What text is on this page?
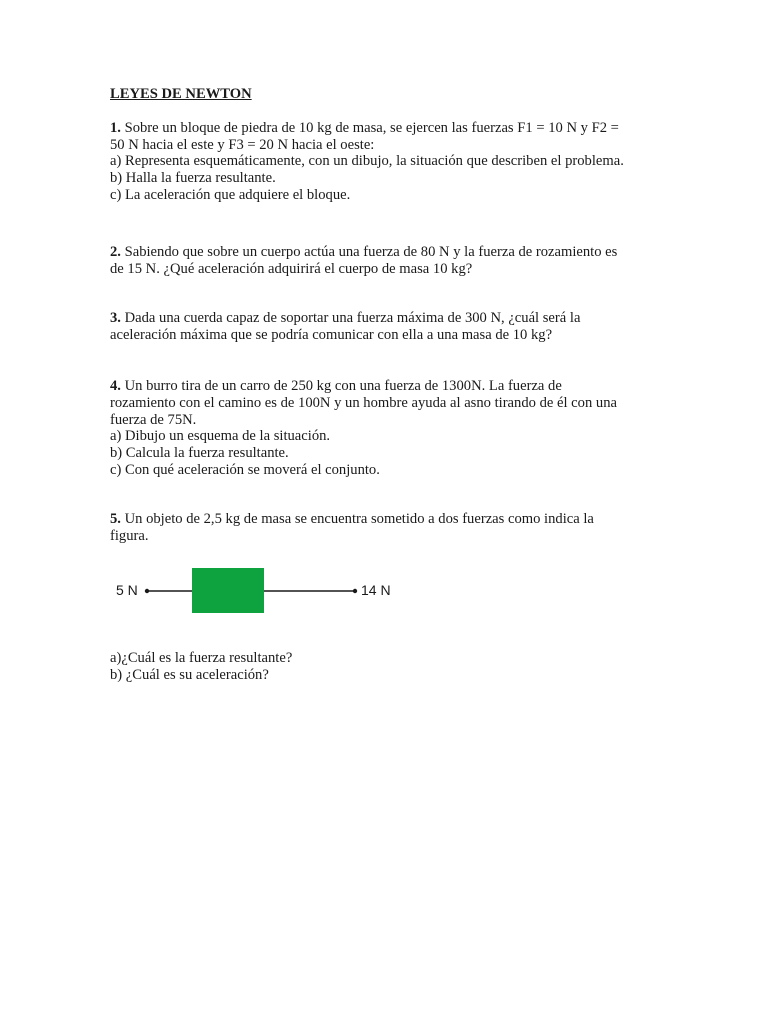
LEYES DE NEWTON

1. Sobre un bloque de piedra de 10 kg de masa, se ejercen las fuerzas F1 = 10 N y F2 =

50 N hacia el este y F3 = 20 N hacia el oeste:

a) Representa esquemáticamente, con un dibujo, la situación que describen el problema.

b) Halla la fuerza resultante.

c) La aceleración que adquiere el bloque.

2. Sabiendo que sobre un cuerpo actúa una fuerza de 80 N y la fuerza de rozamiento es

de 15 N. ¿Qué aceleración adquirirá el cuerpo de masa 10 kg?

3. Dada una cuerda capaz de soportar una fuerza máxima de 300 N, ¿cuál será la

aceleración máxima que se podría comunicar con ella a una masa de 10 kg?

4. Un burro tira de un carro de 250 kg con una fuerza de 1300N. La fuerza de

rozamiento con el camino es de 100N y un hombre ayuda al asno tirando de él con una

fuerza de 75N.

a) Dibujo un esquema de la situación.

b) Calcula la fuerza resultante.

c) Con qué aceleración se moverá el conjunto.

5. Un objeto de 2,5 kg de masa se encuentra sometido a dos fuerzas como indica la

figura.

5 N	14 N

a)¿Cuál es la fuerza resultante?

b) ¿Cuál es su aceleración?
